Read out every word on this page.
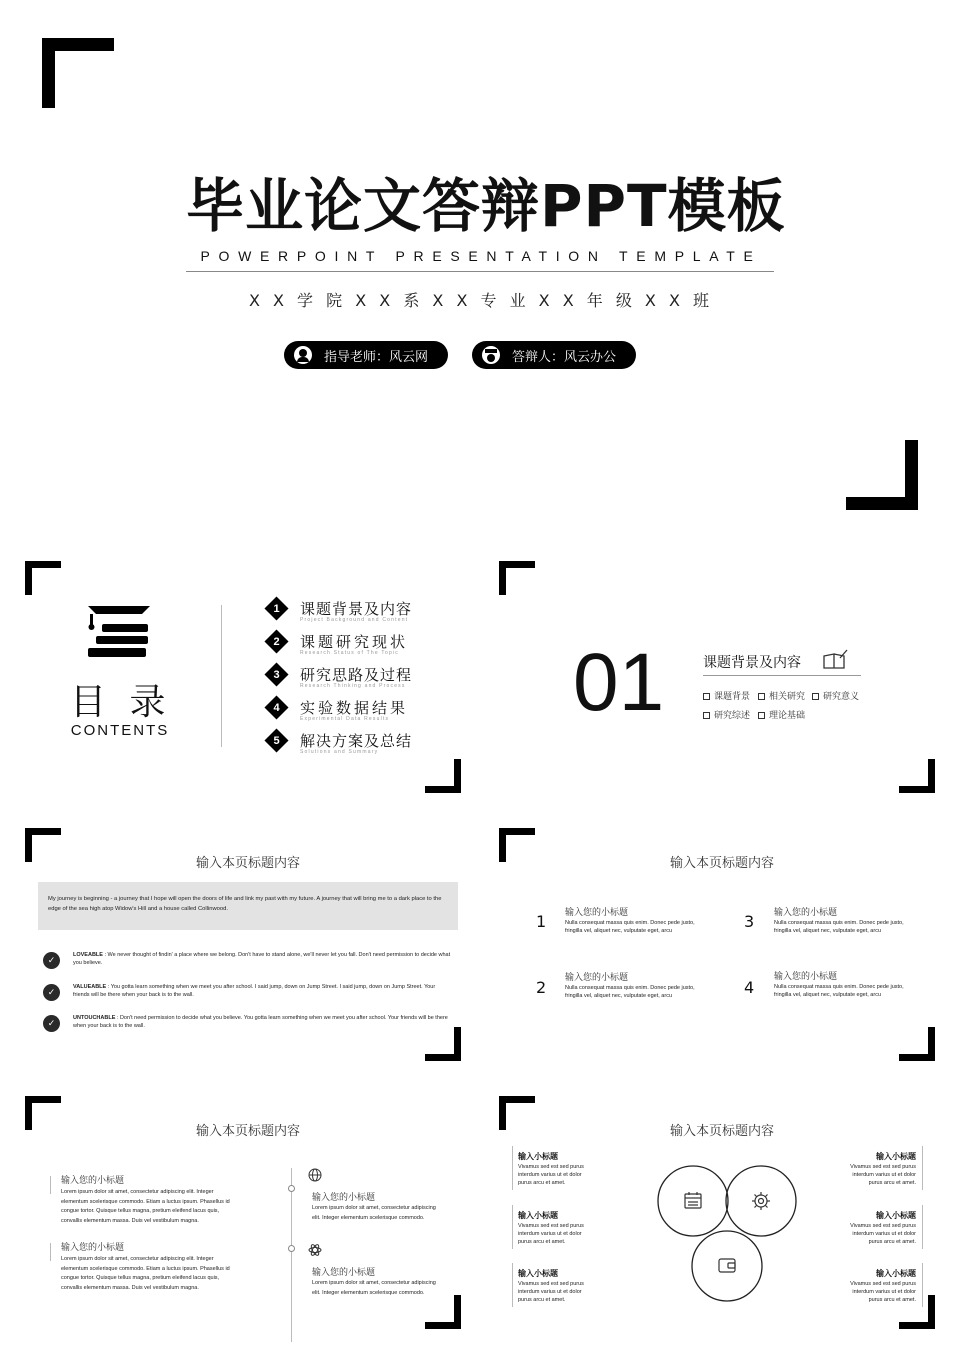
毕业论文答辩PPT模板
POWERPOINT PRESENTATION TEMPLATE
X X 学 院 X X 系 X X 专 业 X X 年 级 X X 班
指导老师：风云网	答辩人：风云办公
目 录
CONTENTS
1	课题背景及内容
Project Background and Content
2	课题研究现状
Research Status of The Topic
3	研究思路及过程
Research Thinking and Process
4	实验数据结果
Experimental Data Results
5	解决方案及总结
Solutions and Summary
01	课题背景及内容
课题背景	相关研究	研究意义
研究综述	理论基础
输入本页标题内容
My journey is beginning - a journey that I hope will open the doors of life and link my past with my future. A journey that will bring me to a dark place to the edge of the sea high atop Widow's Hill and a house called Collinwood.
✓
LOVEABLE : We never thought of findin' a place where we belong. Don't have to stand alone, we'll never let you fall. Don't need permission to decide what you believe.
✓
VALUEABLE : You gotta learn something when we meet you after school. I said jump, down on Jump Street. I said jump, down on Jump Street. Your friends will be there when your back is to the wall.
✓
UNTOUCHABLE : Don't need permission to decide what you believe. You gotta learn something when we meet you after school. Your friends will be there when your back is to the wall.
输入本页标题内容
1 输入您的小标题
Nulla consequat massa quis enim. Donec pede justo, fringilla vel, aliquet nec, vulputate eget, arcu	3 输入您的小标题
Nulla consequat massa quis enim. Donec pede justo, fringilla vel, aliquet nec, vulputate eget, arcu
2
输入您的小标题
Nulla consequat massa quis enim. Donec pede justo, fringilla vel, aliquet nec, vulputate eget, arcu	4
输入您的小标题
Nulla consequat massa quis enim. Donec pede justo, fringilla vel, aliquet nec, vulputate eget, arcu
输入本页标题内容
输入您的小标题
Lorem ipsum dolor sit amet, consectetur adipiscing elit. Integer elementum scelerisque commodo. Etiam a luctus ipsum. Phasellus id congue tortor. Quisque tellus magna, pretium eleifend lacus quis, convallis elementum massa. Duis vel vestibulum magna.
输入您的小标题
Lorem ipsum dolor sit amet, consectetur adipiscing elit. Integer elementum scelerisque commodo. Etiam a luctus ipsum. Phasellus id congue tortor. Quisque tellus magna, pretium eleifend lacus quis, convallis elementum massa. Duis vel vestibulum magna.
输入您的小标题
Lorem ipsum dolor sit amet, consectetur adipiscing elit. Integer elementum scelerisque commodo.
输入您的小标题
Lorem ipsum dolor sit amet, consectetur adipiscing elit. Integer elementum scelerisque commodo.
输入本页标题内容
输入小标题
Vivamus sed est sed purus interdum varius ut et dolor purus arcu et amet.
输入小标题
Vivamus sed est sed purus interdum varius ut et dolor purus arcu et amet.
输入小标题
Vivamus sed est sed purus interdum varius ut et dolor purus arcu et amet.
输入小标题
Vivamus sed est sed purus interdum varius ut et dolor purus arcu et amet.
输入小标题
Vivamus sed est sed purus interdum varius ut et dolor purus arcu et amet.
输入小标题
Vivamus sed est sed purus interdum varius ut et dolor purus arcu et amet.
